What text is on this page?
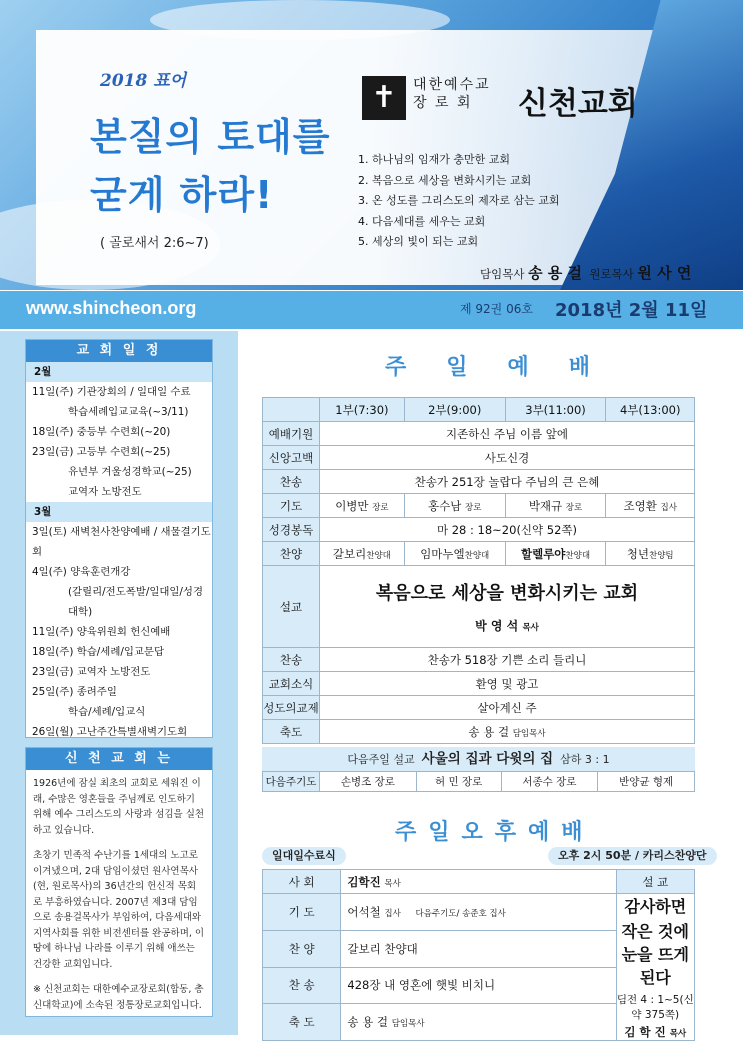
2018 표어
본질의 토대를
굳게 하라!
( 골로새서 2:6~7)
✝	대한예수교 장 로 회	신천교회
1. 하나님의 임재가 충만한 교회
2. 복음으로 세상을 변화시키는 교회
3. 온 성도를 그리스도의 제자로 삼는 교회
4. 다음세대를 세우는 교회
5. 세상의 빛이 되는 교회
담임목사 송 용 걸 원로목사 원 사 연
www.shincheon.org	제 92권 06호 2018년 2월 11일
교 회 일 정
2월
11일(주) 기관장회의 / 일대일 수료
학습세례입교교육(~3/11)
18일(주) 중등부 수련회(~20)
23일(금) 고등부 수련회(~25)
유년부 겨울성경학교(~25)
교역자 노방전도
3월
3일(토) 새벽천사찬양예배 / 새물결기도회
4일(주) 양육훈련개강
(갈릴리/전도폭발/일대일/성경대학)
11일(주) 양육위원회 헌신예배
18일(주) 학습/세례/입교문답
23일(금) 교역자 노방전도
25일(주) 종려주일
학습/세례/입교식
26일(월) 고난주간특별새벽기도회
신 천 교 회 는

1926년에 잠실 최초의 교회로 세워진 이래, 수많은 영혼들을 주님께로 인도하기 위해 예수 그리스도의 사랑과 섬김을 실천하고 있습니다.

초창기 민족적 수난기를 1세대의 노고로 이겨냈으며, 2대 담임이셨던 원사연목사(현, 원로목사)의 36년간의 헌신적 목회로 부흥하였습니다. 2007년 제3대 담임으로 송용걸목사가 부임하여, 다음세대와 지역사회를 위한 비전센터를 완공하며, 이 땅에 하나님 나라를 이루기 위해 애쓰는 건강한 교회입니다.

※ 신천교회는 대한예수교장로회(합동, 총신대학교)에 소속된 정통장로교회입니다.

주일예배
	1부(7:30)	2부(9:00)	3부(11:00)	4부(13:00)
예배기원	지존하신 주님 이름 앞에			
신앙고백	사도신경			
찬송	찬송가 251장 놀랍다 주님의 큰 은혜			
기도	이병만 장로	홍수남 장로	박재규 장로	조영환 집사
성경봉독	마 28 : 18~20(신약 52쪽)			
찬양	갈보리찬양대	임마누엘찬양대	할렐루야찬양대	청년찬양팀
설교	복음으로 세상을 변화시키는 교회
박 영 석 목사			

찬송	찬송가 518장 기쁜 소리 들리니			
교회소식	환영 및 광고			
성도의교제	살아계신 주			
축도	송 용 걸 담임목사			
다음주일 설교 사울의 집과 다윗의 집 삼하 3 : 1
다음주기도	손병조 장로	허 민 장로	서종수 장로	반양균 형제
주일오후예배
일대일수료식	오후 2시 50분 / 카리스찬양단
사 회	김학진 목사	설 교
기 도	어석철 집사 다음주기도/ 송준호 집사	감사하면
작은 것에 눈을 뜨게 된다
딤전 4 : 1~5(신약 375쪽)
김 학 진 목사

찬 양	갈보리 찬양대	
찬 송	428장 내 영혼에 햇빛 비치니	
축 도	송 용 걸 담임목사	
